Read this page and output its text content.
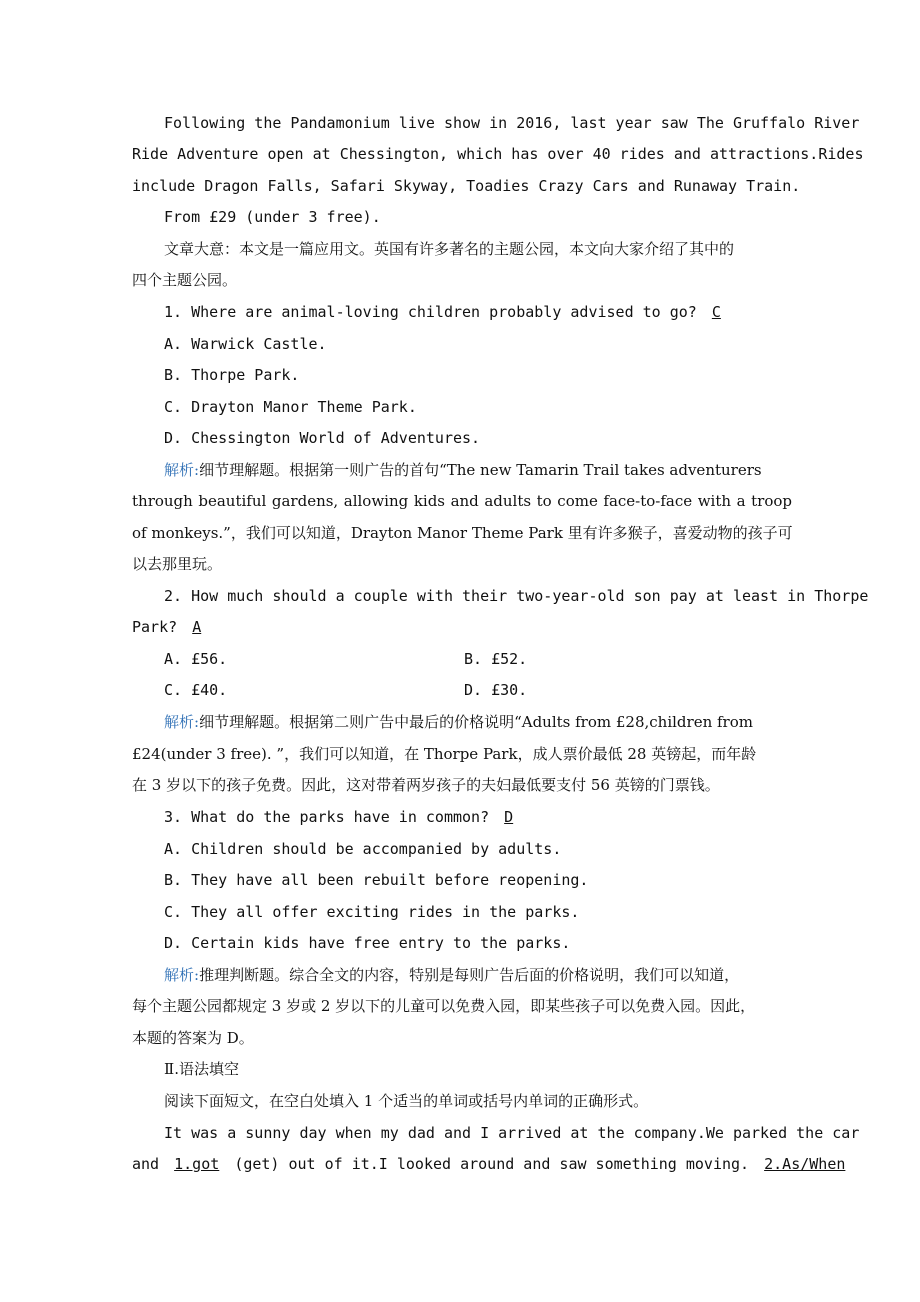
Following the Pandamonium live show in 2016, last year saw The Gruffalo River
Ride Adventure open at Chessington, which has over 40 rides and attractions.Rides
include Dragon Falls, Safari Skyway, Toadies Crazy Cars and Runaway Train.
From £29 (under 3 free).
文章大意：本文是一篇应用文。英国有许多著名的主题公园，本文向大家介绍了其中的
四个主题公园。
1. Where are animal-loving children probably advised to go? C
A. Warwick Castle.
B. Thorpe Park.
C. Drayton Manor Theme Park.
D. Chessington World of Adventures.
解析:细节理解题。根据第一则广告的首句“The new Tamarin Trail takes adventurers
through beautiful gardens, allowing kids and adults to come face-to-face with a troop
of monkeys.”，我们可以知道，Drayton Manor Theme Park 里有许多猴子，喜爱动物的孩子可
以去那里玩。
2. How much should a couple with their two-year-old son pay at least in Thorpe
Park? A
A. £56.	B. £52.
C. £40.	D. £30.
解析:细节理解题。根据第二则广告中最后的价格说明“Adults from £28,children from
£24(under 3 free). ”，我们可以知道，在 Thorpe Park，成人票价最低 28 英镑起，而年龄
在 3 岁以下的孩子免费。因此，这对带着两岁孩子的夫妇最低要支付 56 英镑的门票钱。
3. What do the parks have in common? D
A. Children should be accompanied by adults.
B. They have all been rebuilt before reopening.
C. They all offer exciting rides in the parks.
D. Certain kids have free entry to the parks.
解析:推理判断题。综合全文的内容，特别是每则广告后面的价格说明，我们可以知道，
每个主题公园都规定 3 岁或 2 岁以下的儿童可以免费入园，即某些孩子可以免费入园。因此，
本题的答案为 D。
Ⅱ.语法填空
阅读下面短文，在空白处填入 1 个适当的单词或括号内单词的正确形式。
It was a sunny day when my dad and I arrived at the company.We parked the car
and 1.got (get) out of it.I looked around and saw something moving. 2.As/When
